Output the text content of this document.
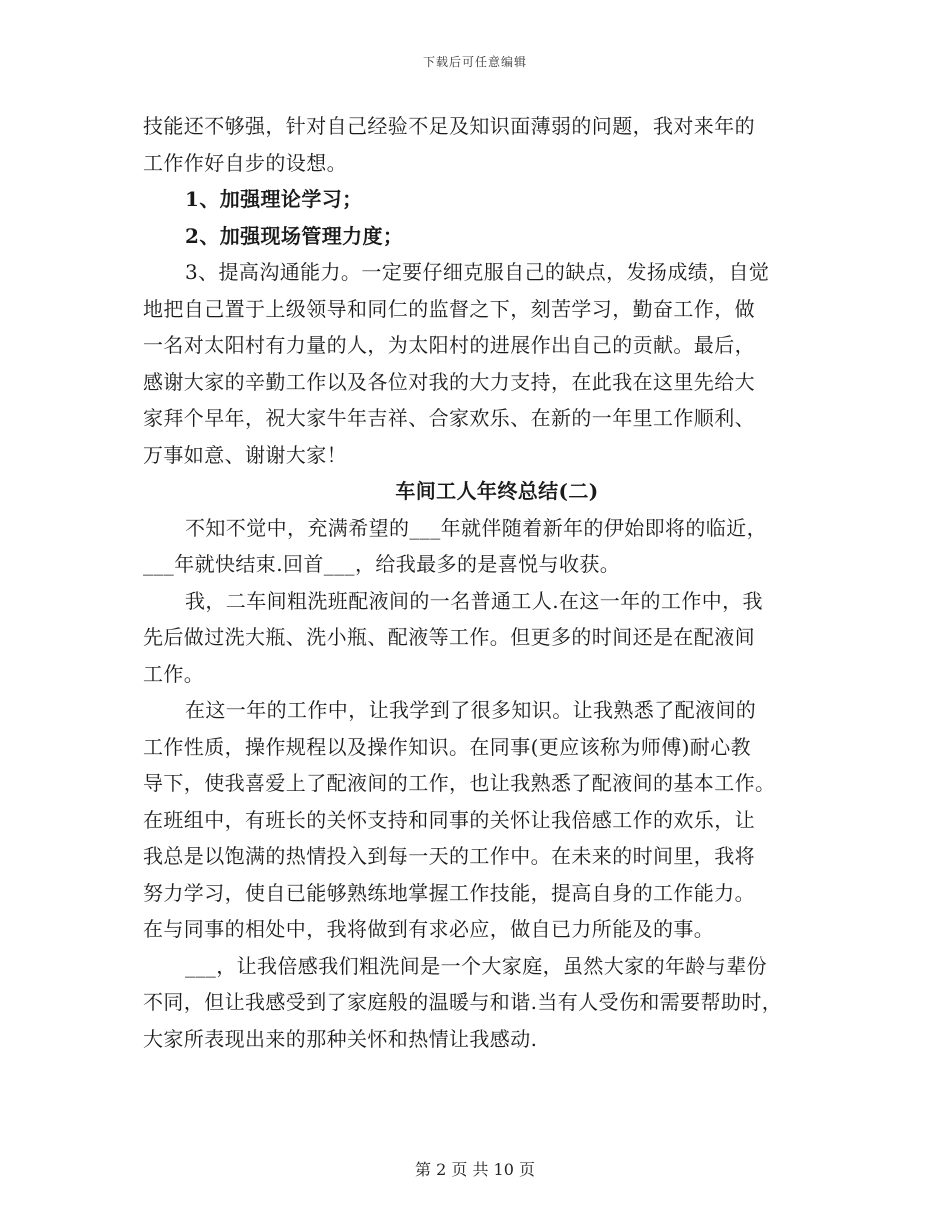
下载后可任意编辑
技能还不够强，针对自己经验不足及知识面薄弱的问题，我对来年的
工作作好自步的设想。
1、加强理论学习；
2、加强现场管理力度；
3、提高沟通能力。一定要仔细克服自己的缺点，发扬成绩，自觉
地把自己置于上级领导和同仁的监督之下，刻苦学习，勤奋工作，做
一名对太阳村有力量的人，为太阳村的进展作出自己的贡献。最后，
感谢大家的辛勤工作以及各位对我的大力支持，在此我在这里先给大
家拜个早年，祝大家牛年吉祥、合家欢乐、在新的一年里工作顺利、
万事如意、谢谢大家！
车间工人年终总结(二)
不知不觉中，充满希望的___年就伴随着新年的伊始即将的临近，
___年就快结束.回首___，给我最多的是喜悦与收获。
我，二车间粗洗班配液间的一名普通工人.在这一年的工作中，我
先后做过洗大瓶、洗小瓶、配液等工作。但更多的时间还是在配液间
工作。
在这一年的工作中，让我学到了很多知识。让我熟悉了配液间的
工作性质，操作规程以及操作知识。在同事(更应该称为师傅)耐心教
导下，使我喜爱上了配液间的工作，也让我熟悉了配液间的基本工作。
在班组中，有班长的关怀支持和同事的关怀让我倍感工作的欢乐，让
我总是以饱满的热情投入到每一天的工作中。在未来的时间里，我将
努力学习，使自已能够熟练地掌握工作技能，提高自身的工作能力。
在与同事的相处中，我将做到有求必应，做自已力所能及的事。
___，让我倍感我们粗洗间是一个大家庭，虽然大家的年龄与辈份
不同，但让我感受到了家庭般的温暖与和谐.当有人受伤和需要帮助时，
大家所表现出来的那种关怀和热情让我感动.
第 2 页 共 10 页
